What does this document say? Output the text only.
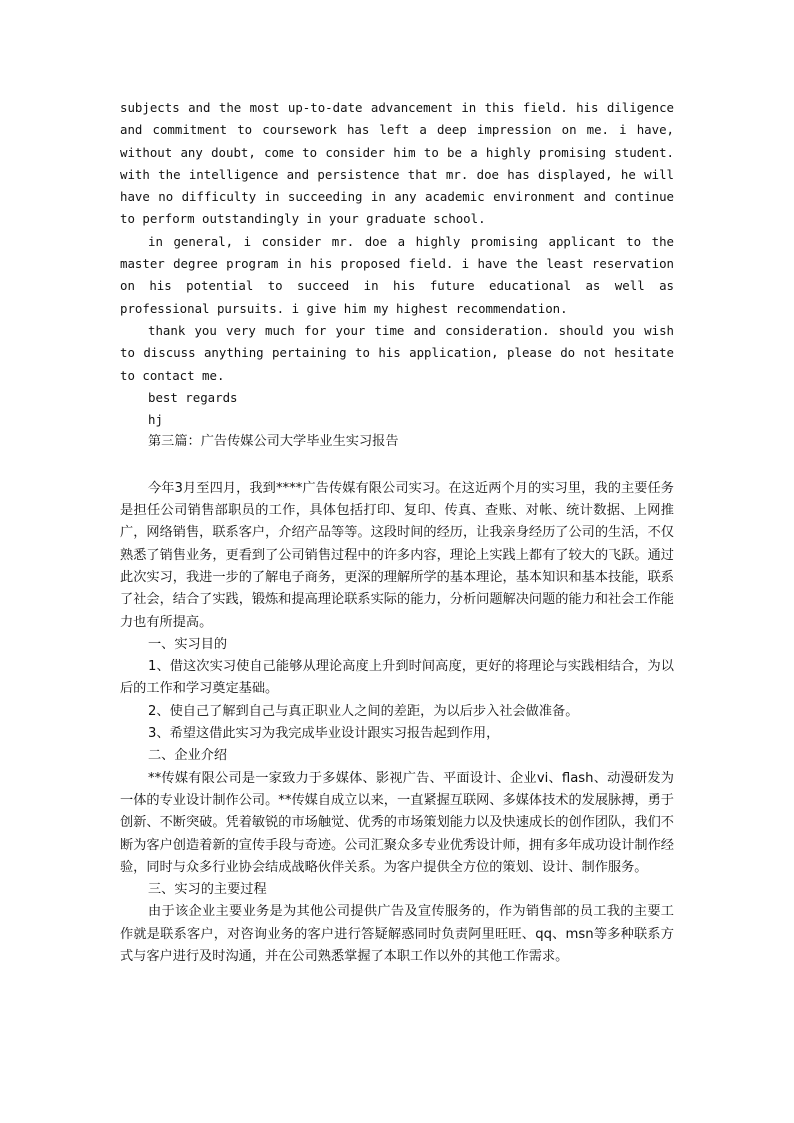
subjects and the most up-to-date advancement in this field. his diligence and commitment to coursework has left a deep impression on me. i have, without any doubt, come to consider him to be a highly promising student. with the intelligence and persistence that mr. doe has displayed, he will have no difficulty in succeeding in any academic environment and continue to perform outstandingly in your graduate school.

in general, i consider mr. doe a highly promising applicant to the master degree program in his proposed field. i have the least reservation on his potential to succeed in his future educational as well as professional pursuits. i give him my highest recommendation.

thank you very much for your time and consideration. should you wish to discuss anything pertaining to his application, please do not hesitate to contact me.

best regards

hj

第三篇：广告传媒公司大学毕业生实习报告

今年3月至四月，我到****广告传媒有限公司实习。在这近两个月的实习里，我的主要任务是担任公司销售部职员的工作，具体包括打印、复印、传真、查账、对帐、统计数据、上网推广，网络销售，联系客户，介绍产品等等。这段时间的经历，让我亲身经历了公司的生活，不仅熟悉了销售业务，更看到了公司销售过程中的许多内容，理论上实践上都有了较大的飞跃。通过此次实习，我进一步的了解电子商务，更深的理解所学的基本理论，基本知识和基本技能，联系了社会，结合了实践，锻炼和提高理论联系实际的能力，分析问题解决问题的能力和社会工作能力也有所提高。

一、实习目的

1、借这次实习使自己能够从理论高度上升到时间高度，更好的将理论与实践相结合，为以后的工作和学习奠定基础。

2、使自己了解到自己与真正职业人之间的差距，为以后步入社会做准备。

3、希望这借此实习为我完成毕业设计跟实习报告起到作用，

二、企业介绍

**传媒有限公司是一家致力于多媒体、影视广告、平面设计、企业vi、flash、动漫研发为一体的专业设计制作公司。**传媒自成立以来，一直紧握互联网、多媒体技术的发展脉搏，勇于创新、不断突破。凭着敏锐的市场触觉、优秀的市场策划能力以及快速成长的创作团队，我们不断为客户创造着新的宣传手段与奇迹。公司汇聚众多专业优秀设计师，拥有多年成功设计制作经验，同时与众多行业协会结成战略伙伴关系。为客户提供全方位的策划、设计、制作服务。

三、实习的主要过程

由于该企业主要业务是为其他公司提供广告及宣传服务的，作为销售部的员工我的主要工作就是联系客户，对咨询业务的客户进行答疑解惑同时负责阿里旺旺、qq、msn等多种联系方式与客户进行及时沟通，并在公司熟悉掌握了本职工作以外的其他工作需求。
